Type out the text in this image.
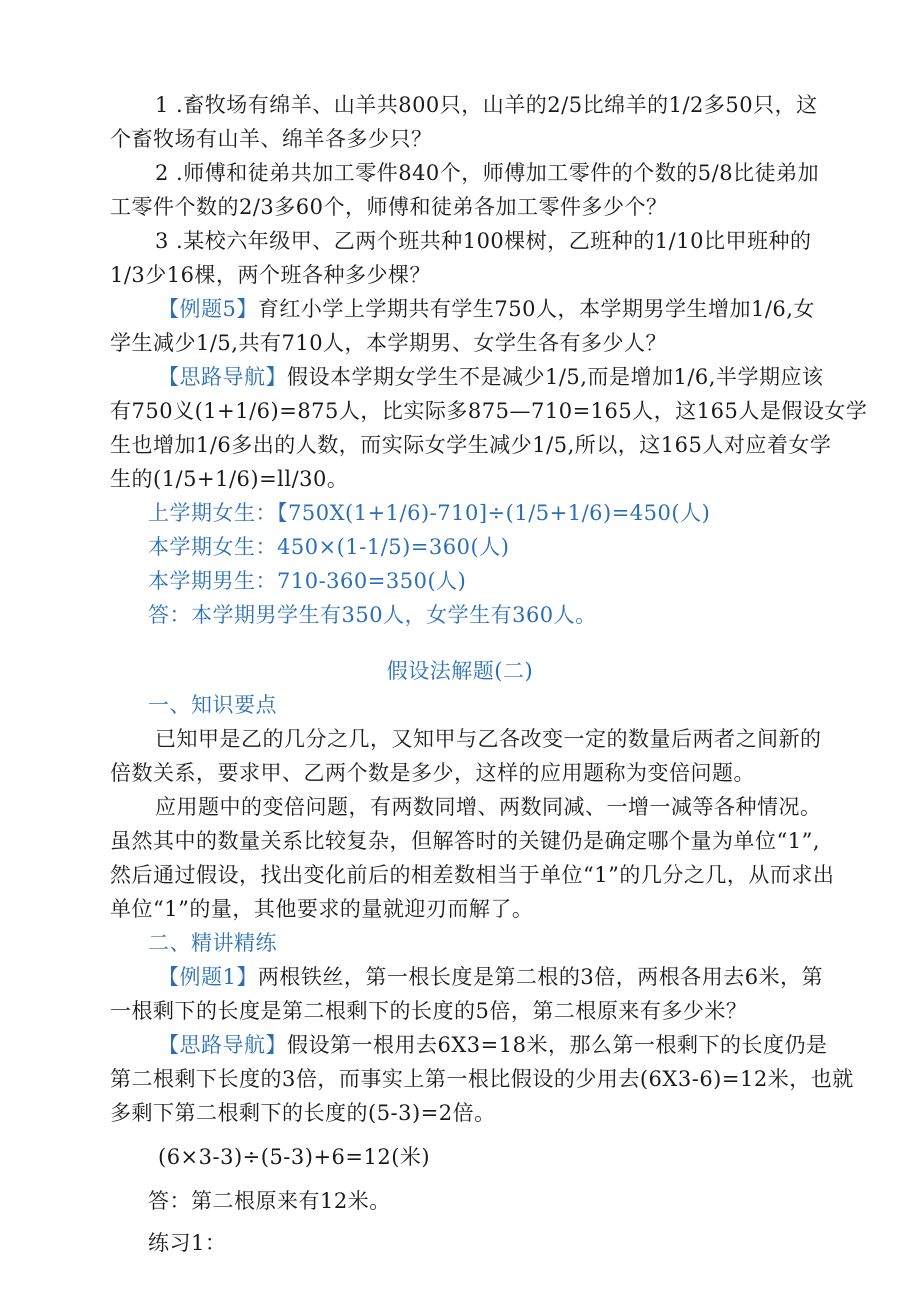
1 .畜牧场有绵羊、山羊共800只，山羊的2/5比绵羊的1/2多50只，这
个畜牧场有山羊、绵羊各多少只？
2 .师傅和徒弟共加工零件840个，师傅加工零件的个数的5/8比徒弟加
工零件个数的2/3多60个，师傅和徒弟各加工零件多少个？
3 .某校六年级甲、乙两个班共种100棵树，乙班种的1/10比甲班种的
1/3少16棵，两个班各种多少棵？
【例题5】育红小学上学期共有学生750人，本学期男学生增加1/6,女
学生减少1/5,共有710人，本学期男、女学生各有多少人？
【思路导航】假设本学期女学生不是减少1/5,而是增加1/6,半学期应该
有750义(1+1/6)=875人，比实际多875—710=165人，这165人是假设女学
生也增加1/6多出的人数，而实际女学生减少1/5,所以，这165人对应着女学
生的(1/5+1/6)=ll∕30。
上学期女生：【750X(1+1/6)-710]÷(1/5+1/6)=450(人)
本学期女生：450×(1-1/5)=360(人)
本学期男生：710-360=350(人)
答：本学期男学生有350人，女学生有360人。
假设法解题(二)
一、知识要点
已知甲是乙的几分之几，又知甲与乙各改变一定的数量后两者之间新的
倍数关系，要求甲、乙两个数是多少，这样的应用题称为变倍问题。
应用题中的变倍问题，有两数同增、两数同减、一增一减等各种情况。
虽然其中的数量关系比较复杂，但解答时的关键仍是确定哪个量为单位“1”,
然后通过假设，找出变化前后的相差数相当于单位“1”的几分之几，从而求出
单位“1”的量，其他要求的量就迎刃而解了。
二、精讲精练
【例题1】两根铁丝，第一根长度是第二根的3倍，两根各用去6米，第
一根剩下的长度是第二根剩下的长度的5倍，第二根原来有多少米？
【思路导航】假设第一根用去6X3=18米，那么第一根剩下的长度仍是
第二根剩下长度的3倍，而事实上第一根比假设的少用去(6X3-6)=12米，也就
多剩下第二根剩下的长度的(5-3)=2倍。
(6×3-3)÷(5-3)+6=12(米)
答：第二根原来有12米。
练习1：
